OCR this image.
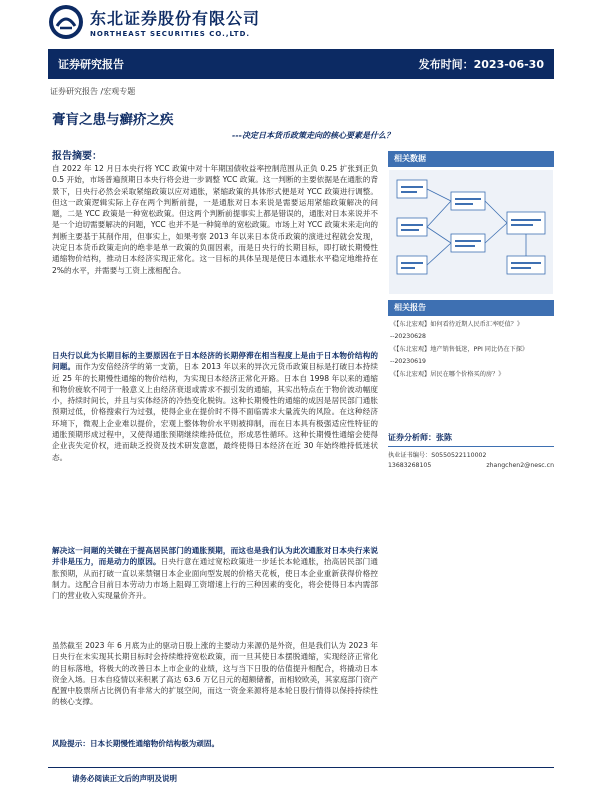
东北证券股份有限公司
NORTHEAST SECURITIES CO.,LTD.
证券研究报告	发布时间：2023-06-30
证券研究报告 /宏观专题
膏肓之患与癣疥之疾
---决定日本货币政策走向的核心要素是什么？
报告摘要：
自 2022 年 12 月日本央行将 YCC 政策中对十年期国债收益率控制范围从正负 0.25 扩张到正负 0.5 开始，市场普遍预期日本央行将会进一步调整 YCC 政策。这一判断的主要依据是在通胀的背景下，日央行必然会采取紧缩政策以应对通胀，紧缩政策的具体形式便是对 YCC 政策进行调整。但这一政策逻辑实际上存在两个判断前提，一是通胀对日本来说是需要运用紧缩政策解决的问题，二是 YCC 政策是一种宽松政策。但这两个判断前提事实上都是错误的，通胀对日本来说并不是一个迫切需要解决的问题，YCC 也并不是一种简单的宽松政策。市场上对 YCC 政策未来走向的判断主要基于其削作用，但事实上，如果考察 2013 年以来日本货币政策的演进过程就会发现，决定日本货币政策走向的绝非是单一政策的负面因素，而是日央行的长期目标，即打破长期慢性通缩物价结构，推动日本经济实现正常化。这一目标的具体呈现是使日本通胀水平稳定地维持在 2%的水平，并需要与工资上涨相配合。
日央行以此为长期目标的主要原因在于日本经济的长期停滞在相当程度上是由于日本物价结构的问题。而作为安倍经济学的第一支箭，日本 2013 年以来的异次元货币政策目标是打破日本持续近 25 年的长期慢性通缩的物价结构，为实现日本经济正常化开路。日本自 1998 年以来的通缩和物价疲软不同于一般意义上由经济衰退或需求不振引发的通缩，其实出特点在于物价波动幅度小，持续时间长，并且与实体经济的冷热变化脱钩。这种长期慢性的通缩的成因是居民部门通胀预期过低，价格搜索行为过强，使得企业在提价时不得不面临需求大量流失的风险。在这种经济环境下，微观上企业难以提价，宏观上整体物价水平则被抑制，而在日本具有极强适应性特征的通胀预期形成过程中，又使得通胀预期继续维持低位，形成恶性循环。这种长期慢性通缩会使得企业丧失定价权，进而缺乏投资及技术研发意愿，最终使得日本经济在近 30 年始终维持低迷状态。
解决这一问题的关键在于提高居民部门的通胀预期，而这也是我们认为此次通胀对日本央行来说并非是压力，而是动力的原因。日央行意在通过宽松政策进一步延长本轮通胀，抬高居民部门通胀预期，从而打破一直以来禁锢日本企业面向型发展的价格天花板，使日本企业重新获得价格控制力。这配合目前日本劳动力市场上阻碍工资增速上行的三种因素的变化，将会使得日本内需部门的营业收入实现量价齐升。
虽然截至 2023 年 6 月底为止的驱动日股上涨的主要动力来源仍是外资，但是我们认为 2023 年日央行在未实现其长期目标时会持续维持宽松政策，而一旦其使日本摆脱通缩，实现经济正常化的目标落地，将极大的改善日本上市企业的业绩，这与当下日股的估值提升相配合，将撬动日本资金入场。日本自疫情以来积累了高达 63.6 万亿日元的超额储蓄，而相较欧美，其家庭部门资产配置中股票所占比例仍有非常大的扩展空间，而这一资金来源将是本轮日股行情得以保持持续性的核心支撑。
风险提示：日本长期慢性通缩物价结构极为顽固。
相关数据
相关报告
《【东北宏观】如何看待近期人民币汇率贬值？》
--20230628
《【东北宏观】地产销售低迷，PPI 同比仍在下探》
--20230619
《【东北宏观】居民在哪个价格买的房？》
证券分析师：张陈
执业证书编号：S0550522110002
13683268105	zhangchen2@nesc.cn
请务必阅读正文后的声明及说明
